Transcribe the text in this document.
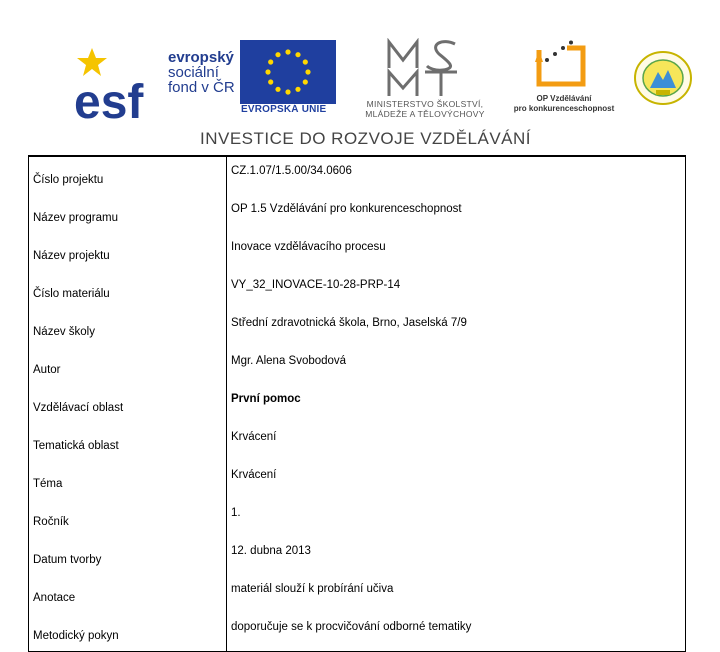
esf
evropský
sociální
fond v ČR
EVROPSKÁ UNIE	MINISTERSTVO ŠKOLSTVÍ,
MLÁDEŽE A TĚLOVÝCHOVY
OP Vzdělávání
pro konkurenceschopnost
INVESTICE DO ROZVOJE VZDĚLÁVÁNÍ
Číslo projektu	CZ.1.07/1.5.00/34.0606
Název programu	OP 1.5 Vzdělávání pro konkurenceschopnost
Název projektu	Inovace vzdělávacího procesu
Číslo materiálu	VY_32_INOVACE-10-28-PRP-14
Název školy	Střední zdravotnická škola, Brno, Jaselská 7/9
Autor	Mgr. Alena Svobodová
Vzdělávací oblast	První pomoc
Tematická oblast	Krvácení
Téma	Krvácení
Ročník	1.
Datum tvorby	12. dubna 2013
Anotace	materiál slouží k probírání učiva
Metodický pokyn	doporučuje se k procvičování odborné tematiky
